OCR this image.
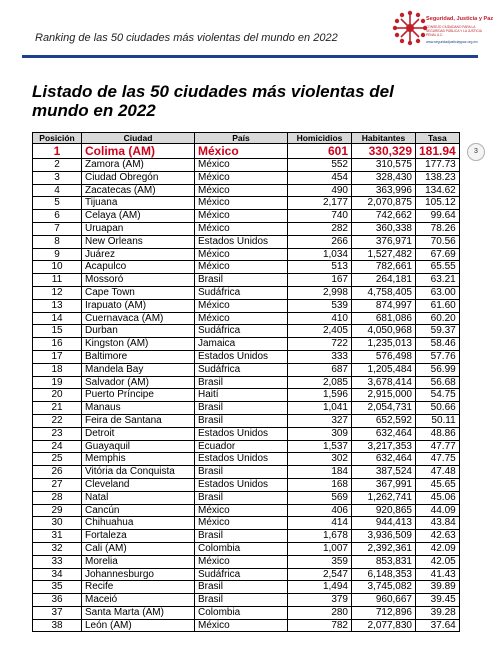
Ranking de las 50 ciudades más violentas del mundo en 2022
Seguridad, Justicia y Paz
CONSEJO CIUDADANO PARA LA SEGURIDAD PÚBLICA Y LA JUSTICIA PENAL A.C.
www.seguridadjusticiaypaz.org.mx
Listado de las 50 ciudades más violentas del mundo en 2022
Posición	Ciudad	País	Homicidios	Habitantes	Tasa
1	Colima (AM)	México	601	330,329	181.94
2	Zamora (AM)	México	552	310,575	177.73
3	Ciudad Obregón	México	454	328,430	138.23
4	Zacatecas (AM)	México	490	363,996	134.62
5	Tijuana	México	2,177	2,070,875	105.12
6	Celaya (AM)	México	740	742,662	99.64
7	Uruapan	México	282	360,338	78.26
8	New Orleans	Estados Unidos	266	376,971	70.56
9	Juárez	México	1,034	1,527,482	67.69
10	Acapulco	México	513	782,661	65.55
11	Mossoró	Brasil	167	264,181	63.21
12	Cape Town	Sudáfrica	2,998	4,758,405	63.00
13	Irapuato (AM)	México	539	874,997	61.60
14	Cuernavaca (AM)	México	410	681,086	60.20
15	Durban	Sudáfrica	2,405	4,050,968	59.37
16	Kingston (AM)	Jamaica	722	1,235,013	58.46
17	Baltimore	Estados Unidos	333	576,498	57.76
18	Mandela Bay	Sudáfrica	687	1,205,484	56.99
19	Salvador (AM)	Brasil	2,085	3,678,414	56.68
20	Puerto Príncipe	Haití	1,596	2,915,000	54.75
21	Manaus	Brasil	1,041	2,054,731	50.66
22	Feira de Santana	Brasil	327	652,592	50.11
23	Detroit	Estados Unidos	309	632,464	48.86
24	Guayaquil	Ecuador	1,537	3,217,353	47.77
25	Memphis	Estados Unidos	302	632,464	47.75
26	Vitória da Conquista	Brasil	184	387,524	47.48
27	Cleveland	Estados Unidos	168	367,991	45.65
28	Natal	Brasil	569	1,262,741	45.06
29	Cancún	México	406	920,865	44.09
30	Chihuahua	México	414	944,413	43.84
31	Fortaleza	Brasil	1,678	3,936,509	42.63
32	Cali (AM)	Colombia	1,007	2,392,361	42.09
33	Morelia	México	359	853,831	42.05
34	Johannesburgo	Sudáfrica	2,547	6,148,353	41.43
35	Recife	Brasil	1,494	3,745,082	39.89
36	Maceió	Brasil	379	960,667	39.45
37	Santa Marta (AM)	Colombia	280	712,896	39.28
38	León (AM)	México	782	2,077,830	37.64
3
